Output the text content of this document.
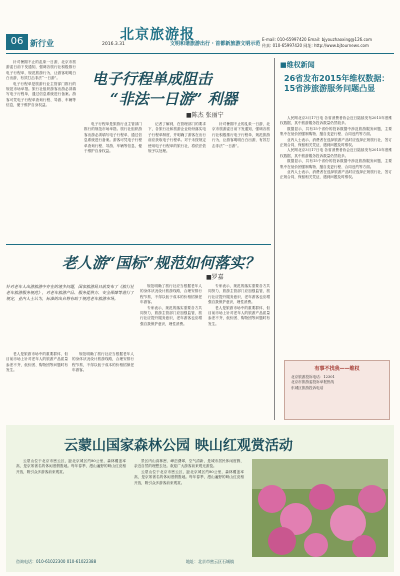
06 新行业	北京旅游报
2016.3.31	文明和谐旅游出行 · 首都新旅游文明示范
E-mail: 010-65997420 Email: bjyouzhaoxing@126.com
传真: 010-65997420 网址: http://www.bjtournews.com

针对暑期不止的乱象一日游，北京市旅游委日前下发通知，强调各旅行社积极推行电子行程单，规范旅游行为，让游客明明白白出游，有效打击非法“一日游”。

电子行程单是旅游行业主管部门推行的规范市场举措。旅行社组织游客出游必须填写电子行程单，通过信息系统进行备案。游客可凭电子行程单查询行程、导游、车辆等信息，便于维护自身权益。

电子行程单成阻击
“非法一日游” 利器
■陈杰 张丽宁

电子行程单是旅游行业主管部门推行的规范市场举措。旅行社组织游客出游必须填写电子行程单，通过信息系统进行备案。游客可凭电子行程单查询行程、导游、车辆等信息，便于维护自身权益。

记者了解到，在管理部门的要求下，各旅行社和旅游企业纷纷落实电子行程单制度，并明确了游客在出行前应获取电子行程单。对于未按规定使用电子行程单的旅行社，将依法依规予以处理。

针对暑期不止的乱象一日游，北京市旅游委日前下发通知，强调各旅行社积极推行电子行程单，规范旅游行为，让游客明明白白出游，有效打击非法“一日游”。

老人游“国标”规范如何落实？
■罗嘉
针对老年人出游旅游中存在的诸多问题，国家旅游局日前发布了《旅行社老年旅游服务规范》，对老年旅游产品、服务提供方、安全保障等进行了规定，业内人士认为，标准的出台将有助于规范老年旅游市场。

老人是旅游市场中的重要群体，但目前市场上针对老年人的旅游产品质量参差不齐，低价团、购物团等问题时有发生。

规范明确了旅行社应当根据老年人的身体状况设计旅游线路，合理安排行程节奏，不得以低于成本的价格招徕老年游客。

规范明确了旅行社应当根据老年人的身体状况设计旅游线路，合理安排行程节奏，不得以低于成本的价格招徕老年游客。

专家表示，规范的落实需要各方共同努力，旅游主管部门应加强监管，旅行社应提升服务意识，老年游客也应增强自我保护意识，理性消费。

专家表示，规范的落实需要各方共同努力，旅游主管部门应加强监管，旅行社应提升服务意识，老年游客也应增强自我保护意识，理性消费。

老人是旅游市场中的重要群体，但目前市场上针对老年人的旅游产品质量参差不齐，低价团、购物团等问题时有发生。

■维权新闻
26省发布2015年维权数据：15省涉旅游服务问题凸显

人民网北京3月17日电 各省消费者协会近日陆续发布2015年度维权数据，其中旅游服务投诉数量仍然较多。

数据显示，共有15个省份的投诉数据中涉及旅游服务问题，主要集中在低价团强制购物、擅自变更行程、合同违约等方面。

业内人士表示，消费者在选择旅游产品时应选择正规旅行社，签订正规合同，保留相关凭证，遇到问题及时维权。

人民网北京3月17日电 各省消费者协会近日陆续发布2015年度维权数据，其中旅游服务投诉数量仍然较多。

数据显示，共有15个省份的投诉数据中涉及旅游服务问题，主要集中在低价团强制购物、擅自变更行程、合同违约等方面。

业内人士表示，消费者在选择旅游产品时应选择正规旅行社，签订正规合同，保留相关凭证，遇到问题及时维权。

有事不找我——维权
北京旅游投诉电话：12301
北京市旅游委投诉举报热线
东城区旅游投诉电话
云蒙山国家森林公园 映山红观赏活动

云蒙山位于北京市密云区，距北京城区约80公里，森林覆盖率高，是京郊著名的休闲度假胜地。每年春季，漫山遍野的映山红竞相开放，吸引众多游客前来观赏。

景区内山高林密、峰峦叠翠，空气清新，是城市居民休闲度假、亲近自然的理想去处。欢迎广大游客前来观光游览。

云蒙山位于北京市密云区，距北京城区约80公里，森林覆盖率高，是京郊著名的休闲度假胜地。每年春季，漫山遍野的映山红竞相开放，吸引众多游客前来观赏。

咨询电话：010-61022300 010-61022388	地址：北京市密云区石城镇
